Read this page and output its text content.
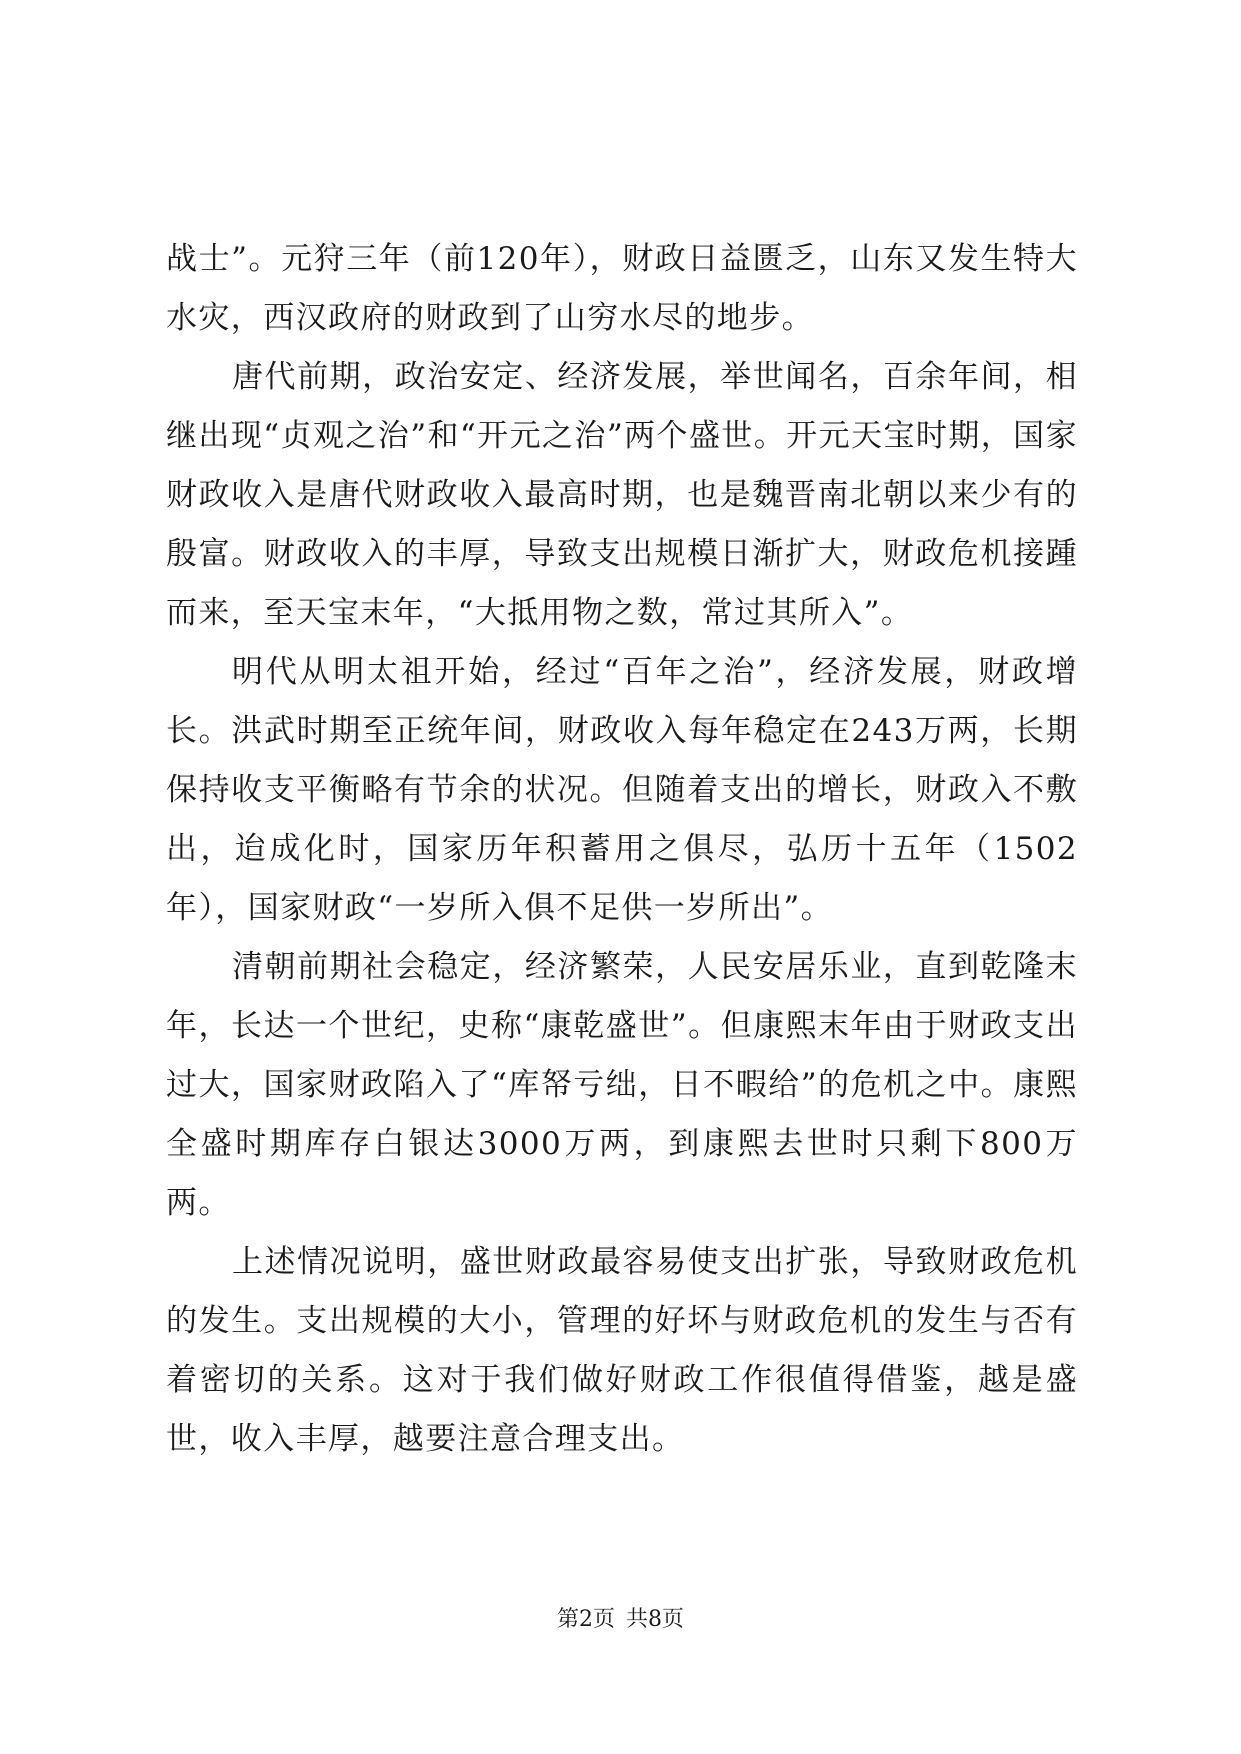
战士”。元狩三年（前120年），财政日益匮乏，山东又发生特大水灾，西汉政府的财政到了山穷水尽的地步。

唐代前期，政治安定、经济发展，举世闻名，百余年间，相继出现“贞观之治”和“开元之治”两个盛世。开元天宝时期，国家财政收入是唐代财政收入最高时期，也是魏晋南北朝以来少有的殷富。财政收入的丰厚，导致支出规模日渐扩大，财政危机接踵而来，至天宝末年，“大抵用物之数，常过其所入”。

明代从明太祖开始，经过“百年之治”，经济发展，财政增长。洪武时期至正统年间，财政收入每年稳定在243万两，长期保持收支平衡略有节余的状况。但随着支出的增长，财政入不敷出，迨成化时，国家历年积蓄用之俱尽，弘历十五年（1502年），国家财政“一岁所入俱不足供一岁所出”。

清朝前期社会稳定，经济繁荣，人民安居乐业，直到乾隆末年，长达一个世纪，史称“康乾盛世”。但康熙末年由于财政支出过大，国家财政陷入了“库帑亏绌，日不暇给”的危机之中。康熙全盛时期库存白银达3000万两，到康熙去世时只剩下800万两。

上述情况说明，盛世财政最容易使支出扩张，导致财政危机的发生。支出规模的大小，管理的好坏与财政危机的发生与否有着密切的关系。这对于我们做好财政工作很值得借鉴，越是盛世，收入丰厚，越要注意合理支出。

第2页 共8页
